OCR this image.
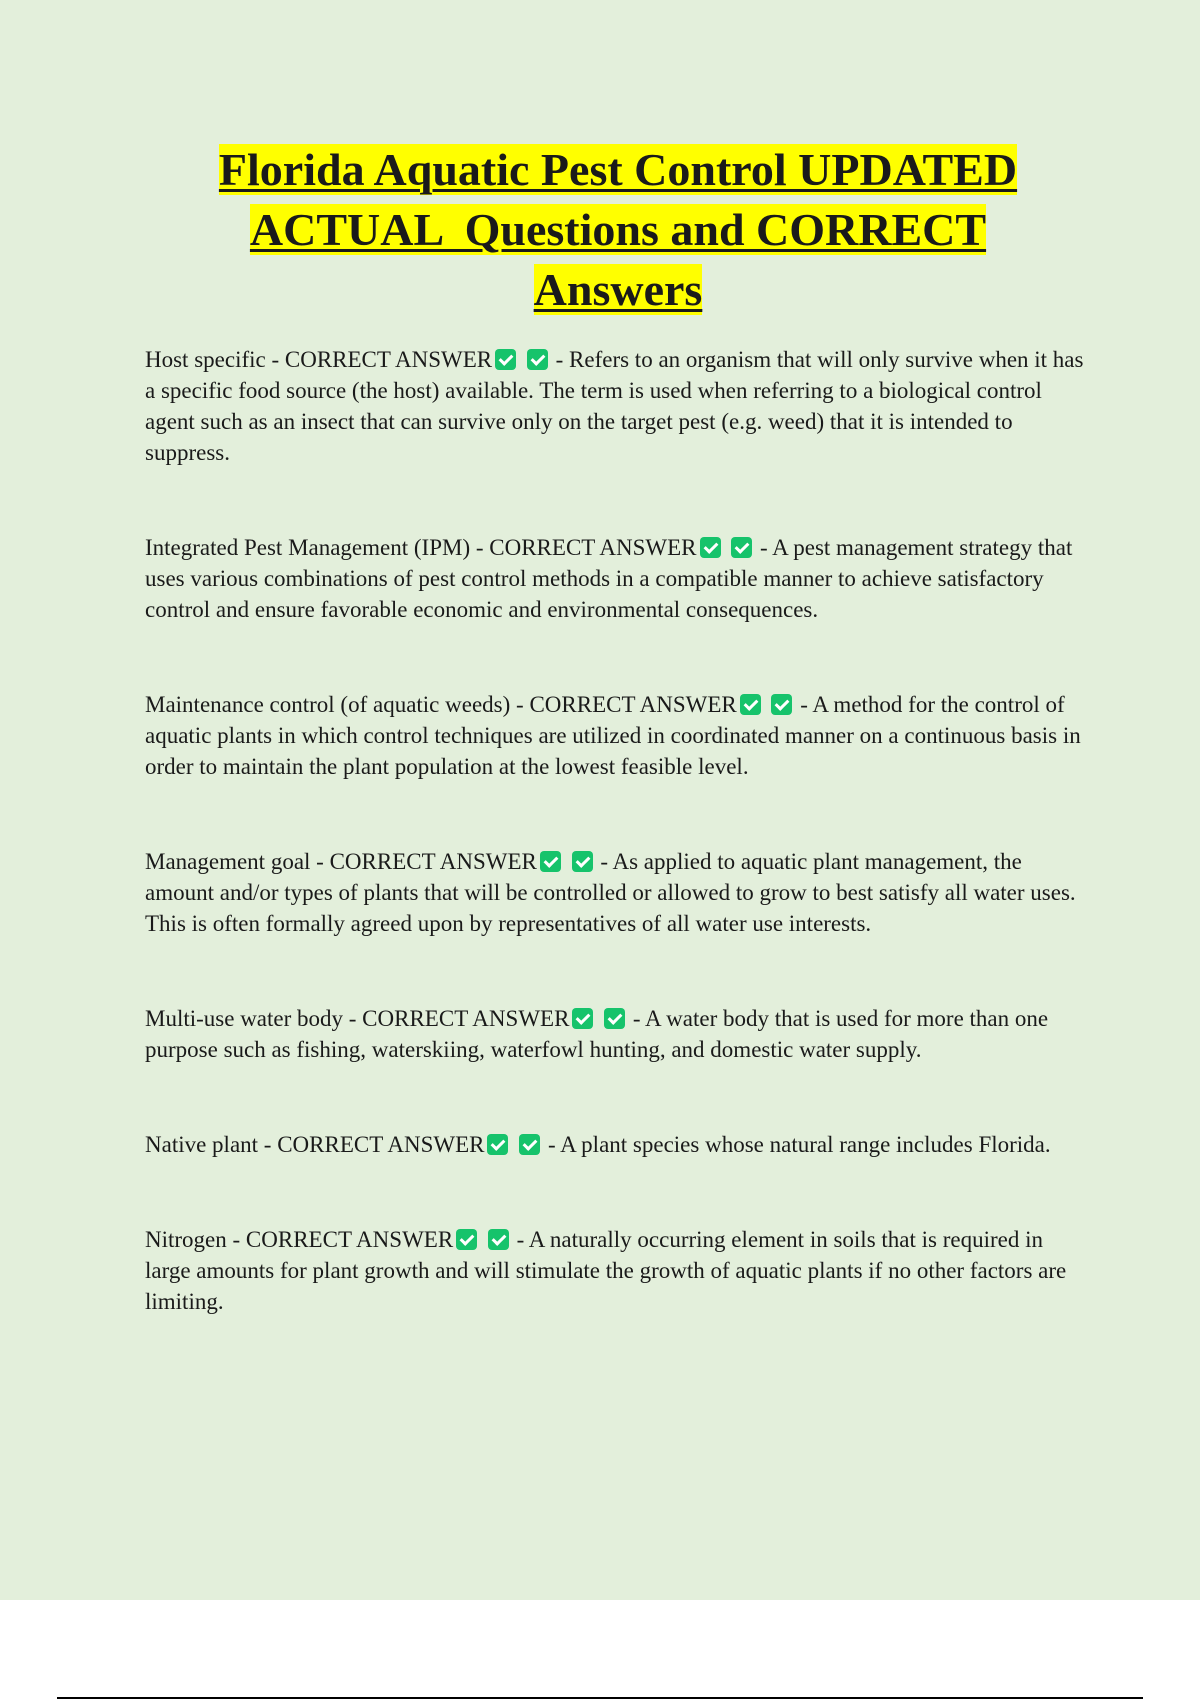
Florida Aquatic Pest Control UPDATED
ACTUAL  Questions and CORRECT
Answers

Host specific - CORRECT ANSWER	- Refers to an organism that will only survive when it has a specific food source (the host) available. The term is used when referring to a biological control agent such as an insect that can survive only on the target pest (e.g. weed) that it is intended to suppress.

Integrated Pest Management (IPM) - CORRECT ANSWER	- A pest management strategy that uses various combinations of pest control methods in a compatible manner to achieve satisfactory control and ensure favorable economic and environmental consequences.

Maintenance control (of aquatic weeds) - CORRECT ANSWER	- A method for the control of aquatic plants in which control techniques are utilized in coordinated manner on a continuous basis in order to maintain the plant population at the lowest feasible level.

Management goal - CORRECT ANSWER	- As applied to aquatic plant management, the amount and/or types of plants that will be controlled or allowed to grow to best satisfy all water uses. This is often formally agreed upon by representatives of all water use interests.

Multi-use water body - CORRECT ANSWER	- A water body that is used for more than one purpose such as fishing, waterskiing, waterfowl hunting, and domestic water supply.

Native plant - CORRECT ANSWER	- A plant species whose natural range includes Florida.

Nitrogen - CORRECT ANSWER	- A naturally occurring element in soils that is required in large amounts for plant growth and will stimulate the growth of aquatic plants if no other factors are limiting.
